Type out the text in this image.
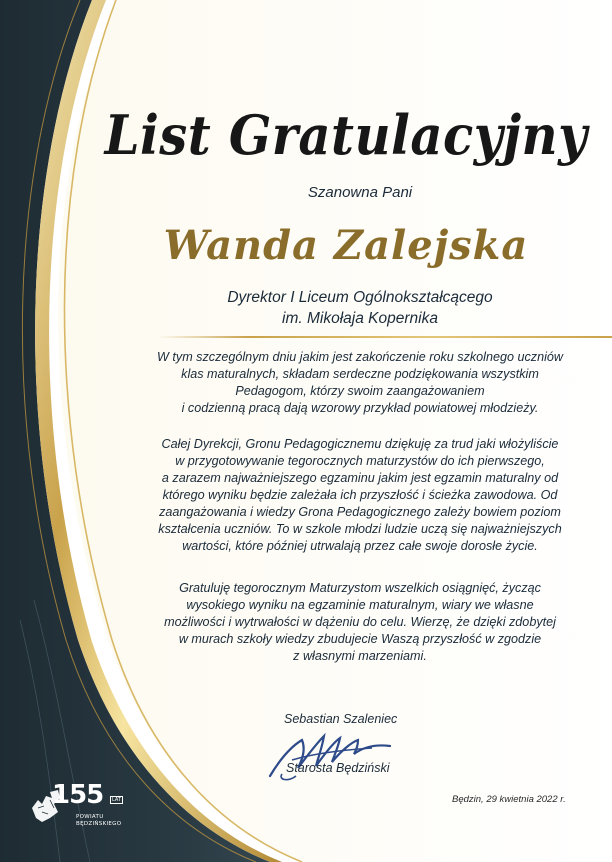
List Gratulacyjny

Szanowna Pani

Wanda Zalejska

Dyrektor I Liceum Ogólnokształcącego

im. Mikołaja Kopernika

W tym szczególnym dniu jakim jest zakończenie roku szkolnego uczniów

klas maturalnych, składam serdeczne podziękowania wszystkim

Pedagogom, którzy swoim zaangażowaniem

i codzienną pracą dają wzorowy przykład powiatowej młodzieży.

Całej Dyrekcji, Gronu Pedagogicznemu dziękuję za trud jaki włożyliście

w przygotowywanie tegorocznych maturzystów do ich pierwszego,

a zarazem najważniejszego egzaminu jakim jest egzamin maturalny od

którego wyniku będzie zależała ich przyszłość i ścieżka zawodowa. Od

zaangażowania i wiedzy Grona Pedagogicznego zależy bowiem poziom

kształcenia uczniów. To w szkole młodzi ludzie uczą się najważniejszych

wartości, które później utrwalają przez całe swoje dorosłe życie.

Gratuluję tegorocznym Maturzystom wszelkich osiągnięć, życząc

wysokiego wyniku na egzaminie maturalnym, wiary we własne

możliwości i wytrwałości w dążeniu do celu. Wierzę, że dzięki zdobytej

w murach szkoły wiedzy zbudujecie Waszą przyszłość w zgodzie

z własnymi marzeniami.

Sebastian Szaleniec

Starosta Będziński

Będzin, 29 kwietnia 2022 r.

155	LAT

POWIATU

BĘDZIŃSKIEGO
